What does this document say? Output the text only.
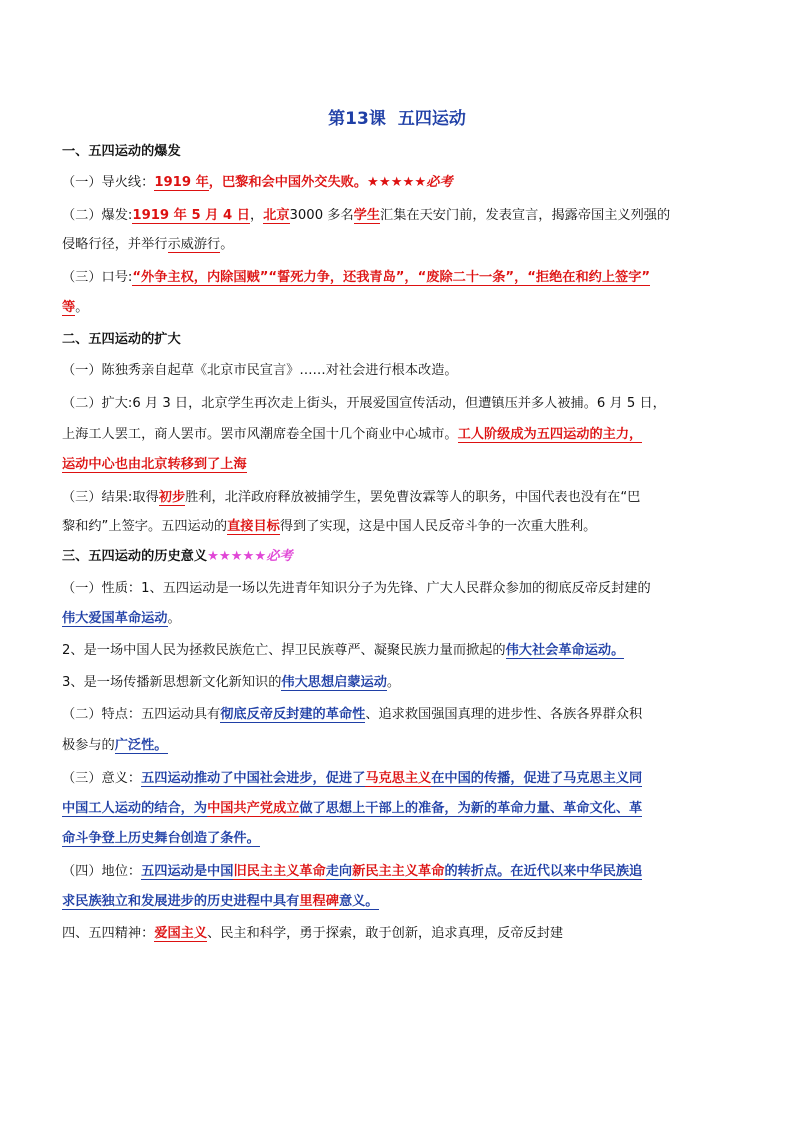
第13课 五四运动
一、五四运动的爆发
（一）导火线：1919 年，巴黎和会中国外交失败。★★★★★必考
（二）爆发:1919 年 5 月 4 日，北京3000 多名学生汇集在天安门前，发表宣言，揭露帝国主义列强的
侵略行径，并举行示威游行。
（三）口号:“外争主权，内除国贼”“誓死力争，还我青岛”，“废除二十一条”，“拒绝在和约上签字”
等。
二、五四运动的扩大
（一）陈独秀亲自起草《北京市民宣言》……对社会进行根本改造。
（二）扩大:6 月 3 日，北京学生再次走上街头，开展爱国宣传活动，但遭镇压并多人被捕。6 月 5 日，
上海工人罢工，商人罢市。罢市风潮席卷全国十几个商业中心城市。工人阶级成为五四运动的主力，
运动中心也由北京转移到了上海
（三）结果:取得初步胜利，北洋政府释放被捕学生，罢免曹汝霖等人的职务，中国代表也没有在“巴
黎和约”上签字。五四运动的直接目标得到了实现，这是中国人民反帝斗争的一次重大胜利。
三、五四运动的历史意义★★★★★必考
（一）性质：1、五四运动是一场以先进青年知识分子为先锋、广大人民群众参加的彻底反帝反封建的
伟大爱国革命运动。
2、是一场中国人民为拯救民族危亡、捍卫民族尊严、凝聚民族力量而掀起的伟大社会革命运动。
3、是一场传播新思想新文化新知识的伟大思想启蒙运动。
（二）特点：五四运动具有彻底反帝反封建的革命性、追求救国强国真理的进步性、各族各界群众积
极参与的广泛性。
（三）意义：五四运动推动了中国社会进步，促进了马克思主义在中国的传播，促进了马克思主义同
中国工人运动的结合，为中国共产党成立做了思想上干部上的准备，为新的革命力量、革命文化、革
命斗争登上历史舞台创造了条件。
（四）地位：五四运动是中国旧民主主义革命走向新民主主义革命的转折点。在近代以来中华民族追
求民族独立和发展进步的历史进程中具有里程碑意义。
四、五四精神：爱国主义、民主和科学，勇于探索，敢于创新，追求真理，反帝反封建
